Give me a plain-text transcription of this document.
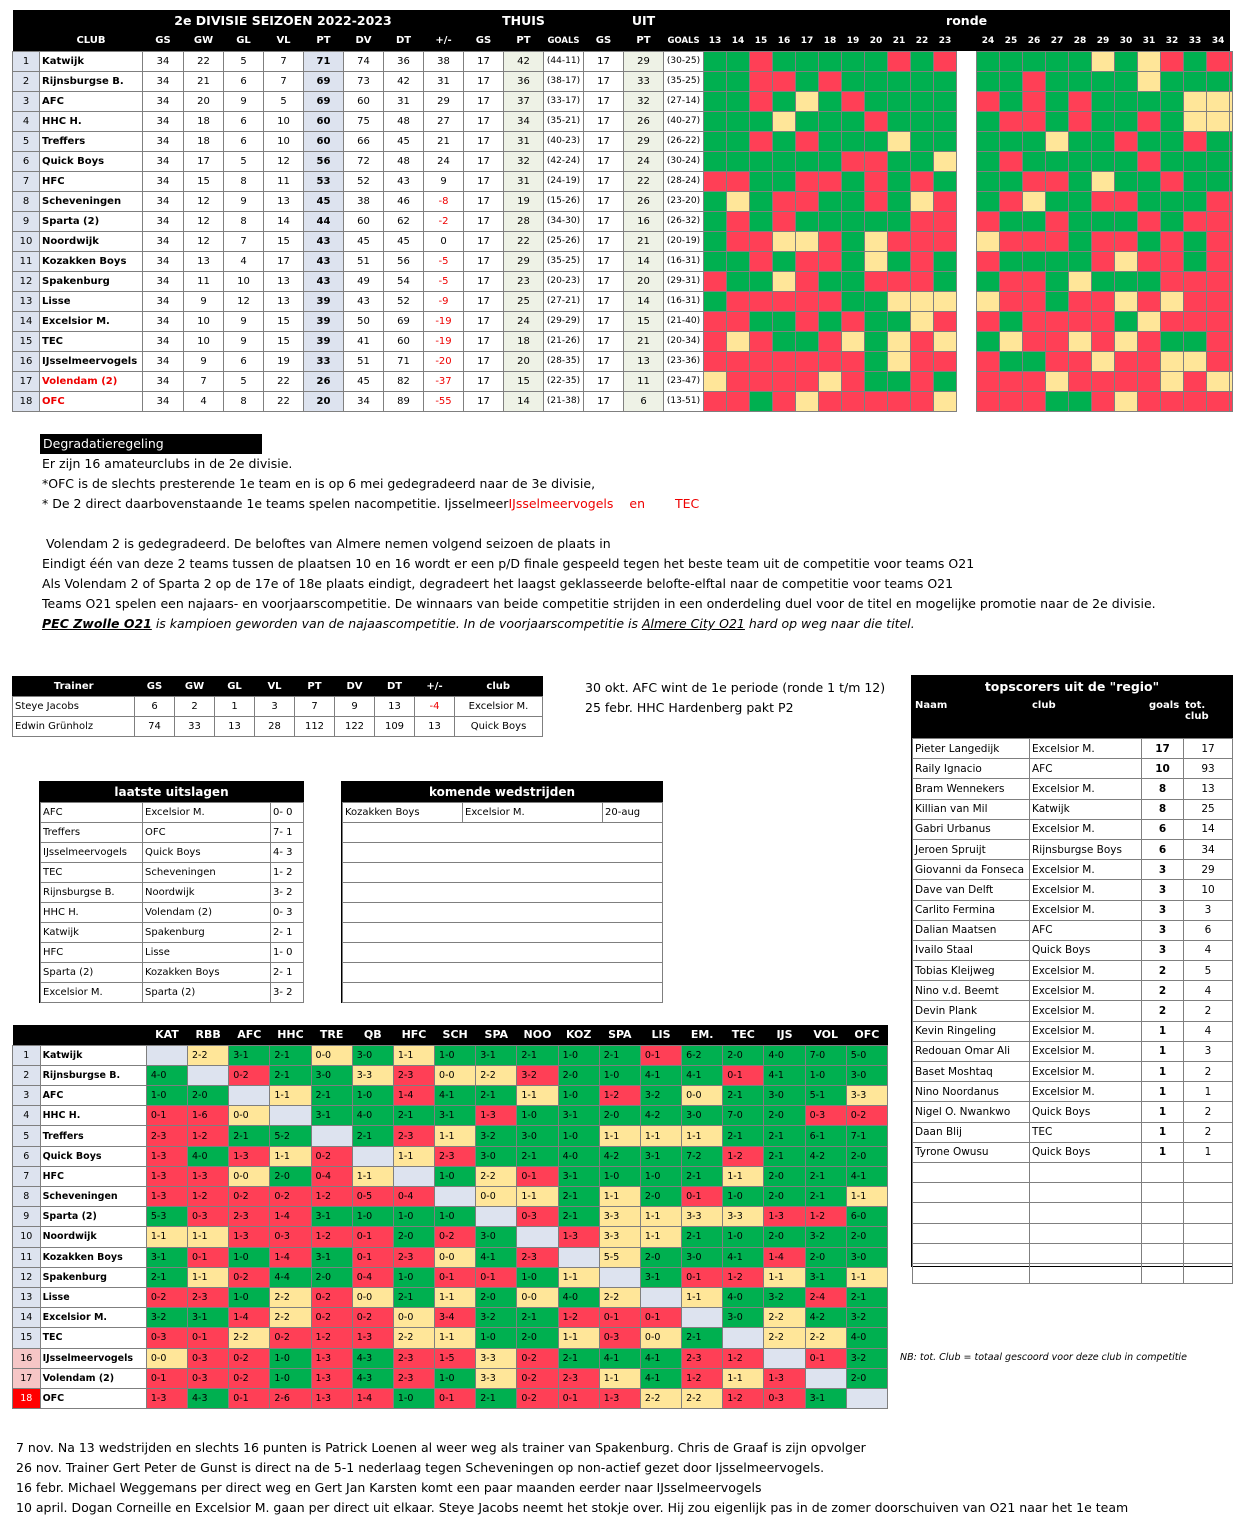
		2e DIVISIE SEIZOEN 2022-2023								THUIS			UIT			ronde																							
	CLUB	GS	GW	GL	VL	PT	DV	DT	+/-	GS	PT	GOALS	GS	PT	GOALS	13	14	15	16	17	18	19	20	21	22	23		24	25	26	27	28	29	30	31	32	33	34	
1	Katwijk	34	22	5	7	71	74	36	38	17	42	(44-11)	17	29	(30-25)																								
2	Rijnsburgse B.	34	21	6	7	69	73	42	31	17	36	(38-17)	17	33	(35-25)																								
3	AFC	34	20	9	5	69	60	31	29	17	37	(33-17)	17	32	(27-14)																								
4	HHC H.	34	18	6	10	60	75	48	27	17	34	(35-21)	17	26	(40-27)																								
5	Treffers	34	18	6	10	60	66	45	21	17	31	(40-23)	17	29	(26-22)																								
6	Quick Boys	34	17	5	12	56	72	48	24	17	32	(42-24)	17	24	(30-24)																								
7	HFC	34	15	8	11	53	52	43	9	17	31	(24-19)	17	22	(28-24)																								
8	Scheveningen	34	12	9	13	45	38	46	-8	17	19	(15-26)	17	26	(23-20)																								
9	Sparta (2)	34	12	8	14	44	60	62	-2	17	28	(34-30)	17	16	(26-32)																								
10	Noordwijk	34	12	7	15	43	45	45	0	17	22	(25-26)	17	21	(20-19)																								
11	Kozakken Boys	34	13	4	17	43	51	56	-5	17	29	(35-25)	17	14	(16-31)																								
12	Spakenburg	34	11	10	13	43	49	54	-5	17	23	(20-23)	17	20	(29-31)																								
13	Lisse	34	9	12	13	39	43	52	-9	17	25	(27-21)	17	14	(16-31)																								
14	Excelsior M.	34	10	9	15	39	50	69	-19	17	24	(29-29)	17	15	(21-40)																								
15	TEC	34	10	9	15	39	41	60	-19	17	18	(21-26)	17	21	(20-34)																								
16	IJsselmeervogels	34	9	6	19	33	51	71	-20	17	20	(28-35)	17	13	(23-36)																								
17	Volendam (2)	34	7	5	22	26	45	82	-37	17	15	(22-35)	17	11	(23-47)																								
18	OFC	34	4	8	22	20	34	89	-55	17	14	(21-38)	17	6	(13-51)																								
Degradatieregeling
Er zijn 16 amateurclubs in de 2e divisie.
*OFC is de slechts presterende 1e team en is op 6 mei gedegradeerd naar de 3e divisie,
* De 2 direct daarbovenstaande 1e teams spelen nacompetitie. IjsselmeerIJsselmeervogels en TEC
Volendam 2 is gedegradeerd. De beloftes van Almere nemen volgend seizoen de plaats in
Eindigt één van deze 2 teams tussen de plaatsen 10 en 16 wordt er een p/D finale gespeeld tegen het beste team uit de competitie voor teams O21
Als Volendam 2 of Sparta 2 op de 17e of 18e plaats eindigt, degradeert het laagst geklasseerde belofte-elftal naar de competitie voor teams O21
Teams O21 spelen een najaars- en voorjaarscompetitie. De winnaars van beide competitie strijden in een onderdeling duel voor de titel en mogelijke promotie naar de 2e divisie.
PEC Zwolle O21 is kampioen geworden van de najaascompetitie. In de voorjaarscompetitie is Almere City O21 hard op weg naar die titel.
Trainer	GS	GW	GL	VL	PT	DV	DT	+/-	club
Steye Jacobs	6	2	1	3	7	9	13	-4	Excelsior M.
Edwin Grünholz	74	33	13	28	112	122	109	13	Quick Boys
30 okt. AFC wint de 1e periode (ronde 1 t/m 12)
25 febr. HHC Hardenberg pakt P2
laatste uitslagen
AFC	Excelsior M.	0- 0
Treffers	OFC	7- 1
IJsselmeervogels	Quick Boys	4- 3
TEC	Scheveningen	1- 2
Rijnsburgse B.	Noordwijk	3- 2
HHC H.	Volendam (2)	0- 3
Katwijk	Spakenburg	2- 1
HFC	Lisse	1- 0
Sparta (2)	Kozakken Boys	2- 1
Excelsior M.	Sparta (2)	3- 2
komende wedstrijden
Kozakken Boys	Excelsior M.	20-aug

topscorers uit de "regio"
Naam	club	goals tot. club
Pieter Langedijk	Excelsior M.	17	17
Raily Ignacio	AFC	10	93
Bram Wennekers	Excelsior M.	8	13
Killian van Mil	Katwijk	8	25
Gabri Urbanus	Excelsior M.	6	14
Jeroen Spruijt	Rijnsburgse Boys	6	34
Giovanni da Fonseca	Excelsior M.	3	29
Dave van Delft	Excelsior M.	3	10
Carlito Fermina	Excelsior M.	3	3
Dalian Maatsen	AFC	3	6
Ivailo Staal	Quick Boys	3	4
Tobias Kleijweg	Excelsior M.	2	5
Nino v.d. Beemt	Excelsior M.	2	4
Devin Plank	Excelsior M.	2	2
Kevin Ringeling	Excelsior M.	1	4
Redouan Omar Ali	Excelsior M.	1	3
Baset Moshtaq	Excelsior M.	1	2
Nino Noordanus	Excelsior M.	1	1
Nigel O. Nwankwo	Quick Boys	1	2
Daan Blij	TEC	1	2
Tyrone Owusu	Quick Boys	1	1

NB: tot. Club = totaal gescoord voor deze club in competitie
		KAT	RBB	AFC	HHC	TRE	QB	HFC	SCH	SPA	NOO	KOZ	SPA	LIS	EM.	TEC	IJS	VOL	OFC
1	Katwijk		2-2	3-1	2-1	0-0	3-0	1-1	1-0	3-1	2-1	1-0	2-1	0-1	6-2	2-0	4-0	7-0	5-0
2	Rijnsburgse B.	4-0		0-2	2-1	3-0	3-3	2-3	0-0	2-2	3-2	2-0	1-0	4-1	4-1	0-1	4-1	1-0	3-0
3	AFC	1-0	2-0		1-1	2-1	1-0	1-4	4-1	2-1	1-1	1-0	1-2	3-2	0-0	2-1	3-0	5-1	3-3
4	HHC H.	0-1	1-6	0-0		3-1	4-0	2-1	3-1	1-3	1-0	3-1	2-0	4-2	3-0	7-0	2-0	0-3	0-2
5	Treffers	2-3	1-2	2-1	5-2		2-1	2-3	1-1	3-2	3-0	1-0	1-1	1-1	1-1	2-1	2-1	6-1	7-1
6	Quick Boys	1-3	4-0	1-3	1-1	0-2		1-1	2-3	3-0	2-1	4-0	4-2	3-1	7-2	1-2	2-1	4-2	2-0
7	HFC	1-3	1-3	0-0	2-0	0-4	1-1		1-0	2-2	0-1	3-1	1-0	1-0	2-1	1-1	2-0	2-1	4-1
8	Scheveningen	1-3	1-2	0-2	0-2	1-2	0-5	0-4		0-0	1-1	2-1	1-1	2-0	0-1	1-0	2-0	2-1	1-1
9	Sparta (2)	5-3	0-3	2-3	1-4	3-1	1-0	1-0	1-0		0-3	2-1	3-3	1-1	3-3	3-3	1-3	1-2	6-0
10	Noordwijk	1-1	1-1	1-3	0-3	1-2	0-1	2-0	0-2	3-0		1-3	3-3	1-1	2-1	1-0	2-0	3-2	2-0
11	Kozakken Boys	3-1	0-1	1-0	1-4	3-1	0-1	2-3	0-0	4-1	2-3		5-5	2-0	3-0	4-1	1-4	2-0	3-0
12	Spakenburg	2-1	1-1	0-2	4-4	2-0	0-4	1-0	0-1	0-1	1-0	1-1		3-1	0-1	1-2	1-1	3-1	1-1
13	Lisse	0-2	2-3	1-0	2-2	0-2	0-0	2-1	1-1	2-0	0-0	4-0	2-2		1-1	4-0	3-2	2-4	2-1
14	Excelsior M.	3-2	3-1	1-4	2-2	0-2	0-2	0-0	3-4	3-2	2-1	1-2	0-1	0-1		3-0	2-2	4-2	3-2
15	TEC	0-3	0-1	2-2	0-2	1-2	1-3	2-2	1-1	1-0	2-0	1-1	0-3	0-0	2-1		2-2	2-2	4-0
16	IJsselmeervogels	0-0	0-3	0-2	1-0	1-3	4-3	2-3	1-5	3-3	0-2	2-1	4-1	4-1	2-3	1-2		0-1	3-2
17	Volendam (2)	0-1	0-3	0-2	1-0	1-3	4-3	2-3	1-0	3-3	0-2	2-3	1-1	4-1	1-2	1-1	1-3		2-0
18	OFC	1-3	4-3	0-1	2-6	1-3	1-4	1-0	0-1	2-1	0-2	0-1	1-3	2-2	2-2	1-2	0-3	3-1	
7 nov. Na 13 wedstrijden en slechts 16 punten is Patrick Loenen al weer weg als trainer van Spakenburg. Chris de Graaf is zijn opvolger
26 nov. Trainer Gert Peter de Gunst is direct na de 5-1 nederlaag tegen Scheveningen op non-actief gezet door Ijsselmeervogels.
16 febr. Michael Weggemans per direct weg en Gert Jan Karsten komt een paar maanden eerder naar IJsselmeervogels
10 april. Dogan Corneille en Excelsior M. gaan per direct uit elkaar. Steye Jacobs neemt het stokje over. Hij zou eigenlijk pas in de zomer doorschuiven van O21 naar het 1e team
